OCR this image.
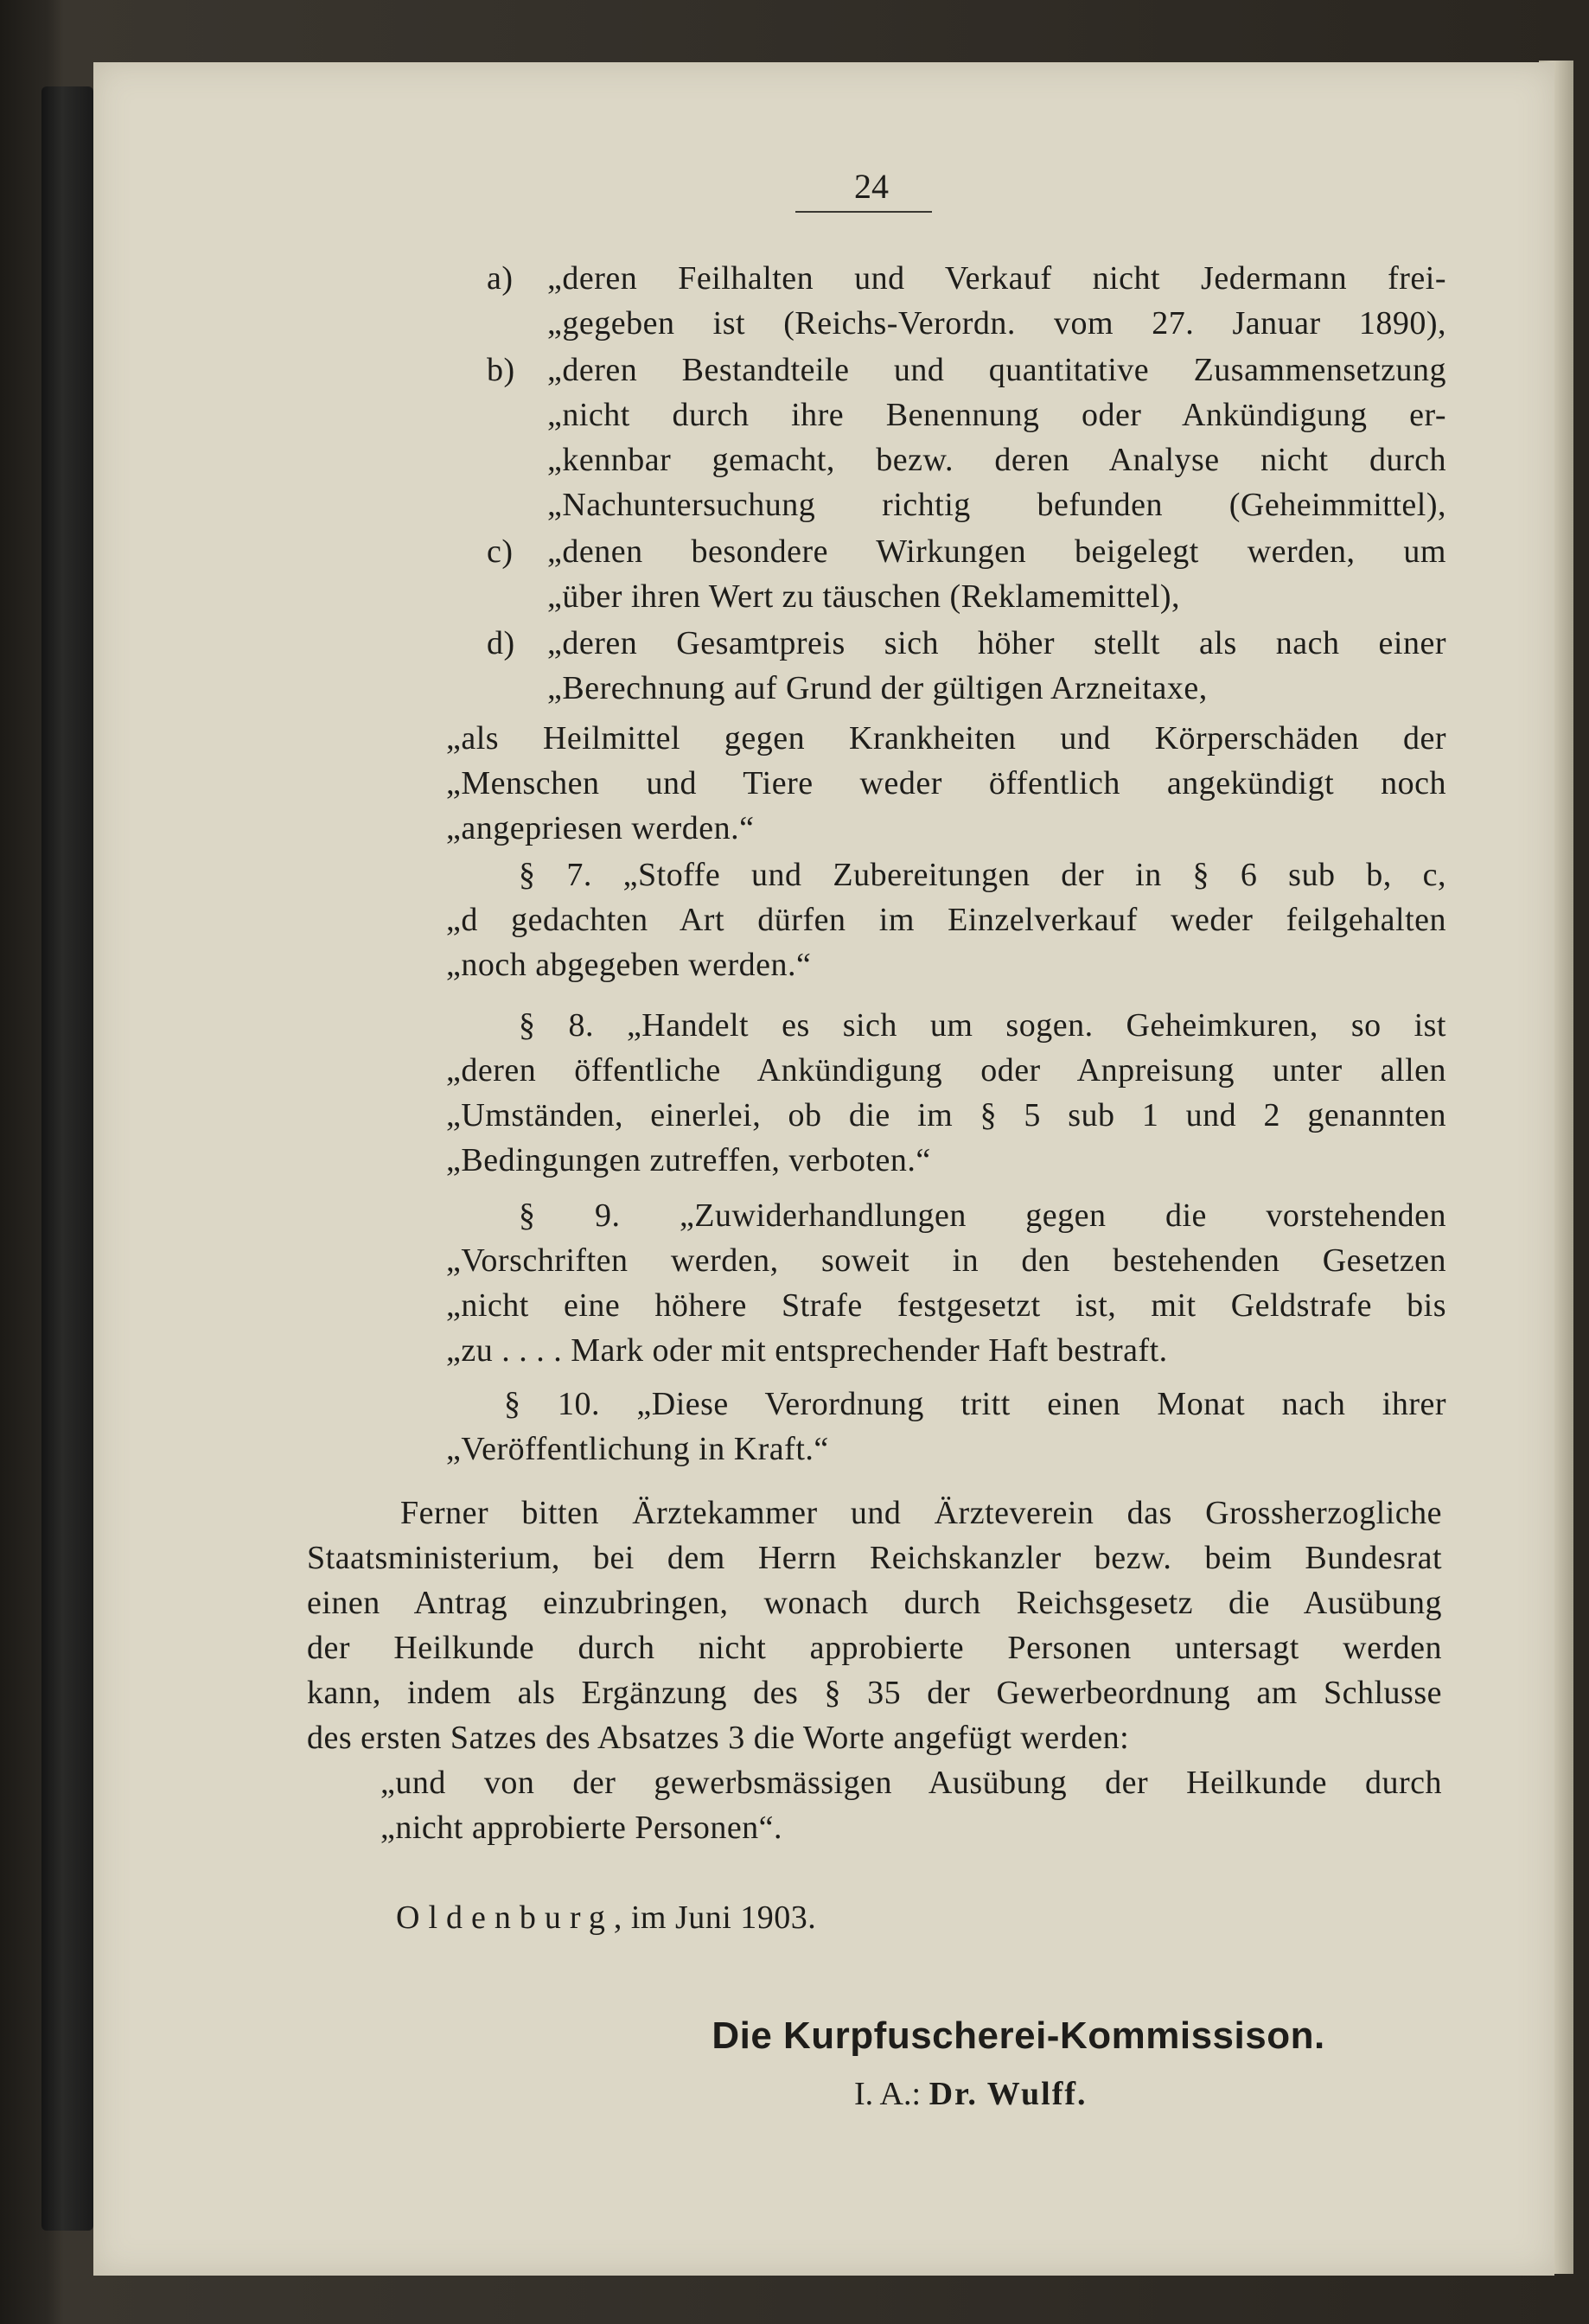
24
a) „deren Feilhalten und Verkauf nicht Jedermann frei-
„gegeben ist (Reichs-Verordn. vom 27. Januar 1890),
b) „deren Bestandteile und quantitative Zusammensetzung
„nicht durch ihre Benennung oder Ankündigung er-
„kennbar gemacht, bezw. deren Analyse nicht durch
„Nachuntersuchung richtig befunden (Geheimmittel),
c) „denen besondere Wirkungen beigelegt werden, um
„über ihren Wert zu täuschen (Reklamemittel),
d) „deren Gesamtpreis sich höher stellt als nach einer
„Berechnung auf Grund der gültigen Arzneitaxe,
„als Heilmittel gegen Krankheiten und Körperschäden der
„Menschen und Tiere weder öffentlich angekündigt noch
„angepriesen werden.“
§ 7. „Stoffe und Zubereitungen der in § 6 sub b, c,
„d gedachten Art dürfen im Einzelverkauf weder feilgehalten
„noch abgegeben werden.“
§ 8. „Handelt es sich um sogen. Geheimkuren, so ist
„deren öffentliche Ankündigung oder Anpreisung unter allen
„Umständen, einerlei, ob die im § 5 sub 1 und 2 genannten
„Bedingungen zutreffen, verboten.“
§ 9. „Zuwiderhandlungen gegen die vorstehenden
„Vorschriften werden, soweit in den bestehenden Gesetzen
„nicht eine höhere Strafe festgesetzt ist, mit Geldstrafe bis
„zu . . . . Mark oder mit entsprechender Haft bestraft.
§ 10. „Diese Verordnung tritt einen Monat nach ihrer
„Veröffentlichung in Kraft.“
Ferner bitten Ärztekammer und Ärzteverein das Grossherzogliche
Staatsministerium, bei dem Herrn Reichskanzler bezw. beim Bundesrat
einen Antrag einzubringen, wonach durch Reichsgesetz die Ausübung
der Heilkunde durch nicht approbierte Personen untersagt werden
kann, indem als Ergänzung des § 35 der Gewerbeordnung am Schlusse
des ersten Satzes des Absatzes 3 die Worte angefügt werden:
„und von der gewerbsmässigen Ausübung der Heilkunde durch
„nicht approbierte Personen“.
Oldenburg, im Juni 1903.
Die Kurpfuscherei-Kommissison.
I. A.: Dr. Wulff.
